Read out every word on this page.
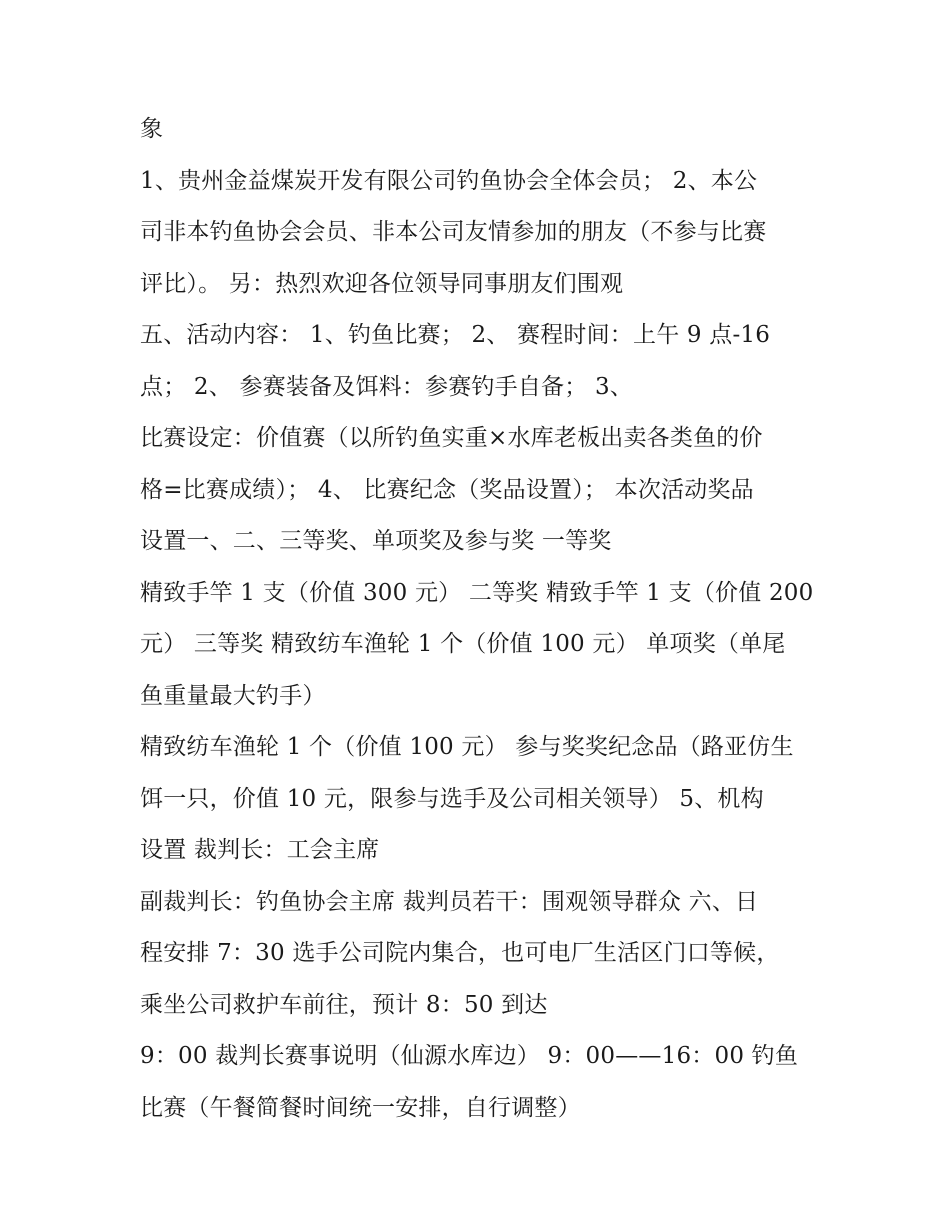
象
1、贵州金益煤炭开发有限公司钓鱼协会全体会员； 2、本公
司非本钓鱼协会会员、非本公司友情参加的朋友（不参与比赛
评比）。 另：热烈欢迎各位领导同事朋友们围观
五、活动内容： 1、钓鱼比赛； 2、 赛程时间：上午 9 点-16
点； 2、 参赛装备及饵料：参赛钓手自备； 3、
比赛设定：价值赛（以所钓鱼实重×水库老板出卖各类鱼的价
格=比赛成绩）； 4、 比赛纪念（奖品设置）； 本次活动奖品
设置一、二、三等奖、单项奖及参与奖 一等奖
精致手竿 1 支（价值 300 元） 二等奖 精致手竿 1 支（价值 200
元） 三等奖 精致纺车渔轮 1 个（价值 100 元） 单项奖（单尾
鱼重量最大钓手）
精致纺车渔轮 1 个（价值 100 元） 参与奖奖纪念品（路亚仿生
饵一只，价值 10 元，限参与选手及公司相关领导） 5、机构
设置 裁判长：工会主席
副裁判长：钓鱼协会主席 裁判员若干：围观领导群众 六、日
程安排 7：30 选手公司院内集合，也可电厂生活区门口等候，
乘坐公司救护车前往，预计 8：50 到达
9：00 裁判长赛事说明（仙源水库边） 9：00——16：00 钓鱼
比赛（午餐简餐时间统一安排，自行调整）
